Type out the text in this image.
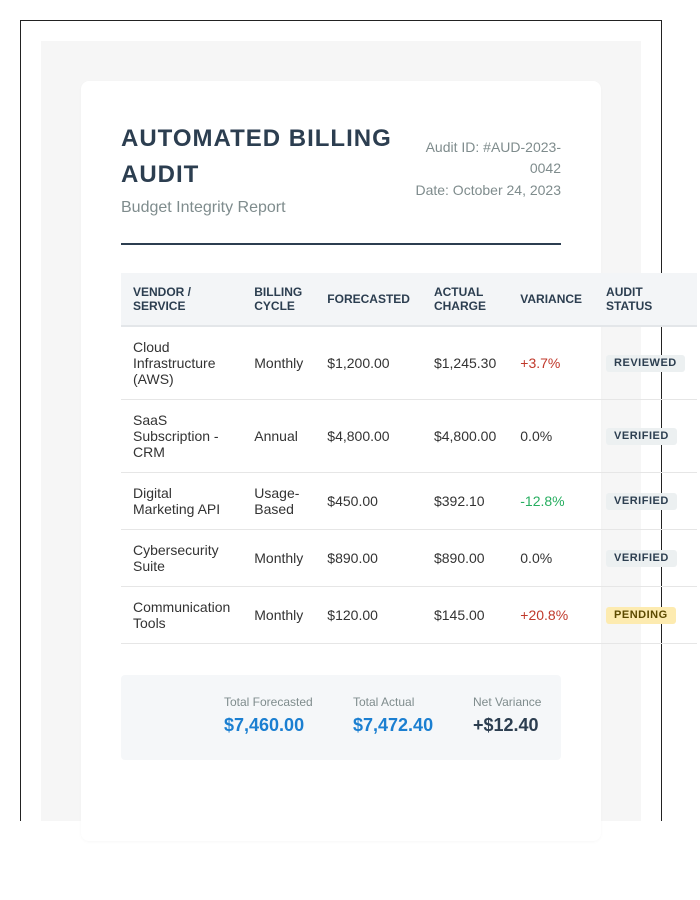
AUTOMATED BILLING AUDIT
Budget Integrity Report
Audit ID: #AUD-2023-0042
Date: October 24, 2023
VENDOR / SERVICE	BILLING CYCLE	FORECASTED	ACTUAL CHARGE	VARIANCE	AUDIT STATUS
Cloud Infrastructure (AWS)	Monthly	$1,200.00	$1,245.30	+3.7%	REVIEWED
SaaS Subscription - CRM	Annual	$4,800.00	$4,800.00	0.0%	VERIFIED
Digital Marketing API	Usage-Based	$450.00	$392.10	-12.8%	VERIFIED
Cybersecurity Suite	Monthly	$890.00	$890.00	0.0%	VERIFIED
Communication Tools	Monthly	$120.00	$145.00	+20.8%	PENDING
Total Forecasted
$7,460.00
Total Actual
$7,472.40
Net Variance
+$12.40
